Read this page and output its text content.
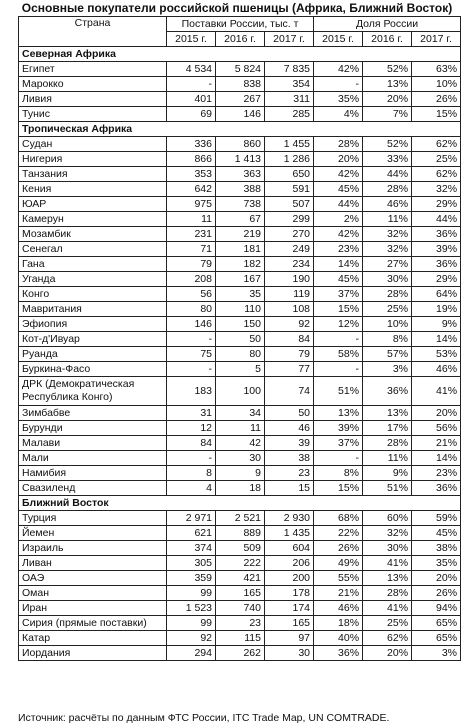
Основные покупатели российской пшеницы (Африка, Ближний Восток)
Страна	Поставки России, тыс. т			Доля России		
	2015 г.	2016 г.	2017 г.	2015 г.	2016 г.	2017 г.
Северная Африка						
Египет	4 534	5 824	7 835	42%	52%	63%
Марокко	-	838	354	-	13%	10%
Ливия	401	267	311	35%	20%	26%
Тунис	69	146	285	4%	7%	15%
Тропическая Африка						
Судан	336	860	1 455	28%	52%	62%
Нигерия	866	1 413	1 286	20%	33%	25%
Танзания	353	363	650	42%	44%	62%
Кения	642	388	591	45%	28%	32%
ЮАР	975	738	507	44%	46%	29%
Камерун	11	67	299	2%	11%	44%
Мозамбик	231	219	270	42%	32%	36%
Сенегал	71	181	249	23%	32%	39%
Гана	79	182	234	14%	27%	36%
Уганда	208	167	190	45%	30%	29%
Конго	56	35	119	37%	28%	64%
Мавритания	80	110	108	15%	25%	19%
Эфиопия	146	150	92	12%	10%	9%
Кот-д'Ивуар	-	50	84	-	8%	14%
Руанда	75	80	79	58%	57%	53%
Буркина-Фасо	-	5	77	-	3%	46%
ДРК (Демократическая Республика Конго)	183	100	74	51%	36%	41%
Зимбабве	31	34	50	13%	13%	20%
Бурунди	12	11	46	39%	17%	56%
Малави	84	42	39	37%	28%	21%
Мали	-	30	38	-	11%	14%
Намибия	8	9	23	8%	9%	23%
Свазиленд	4	18	15	15%	51%	36%
Ближний Восток						
Турция	2 971	2 521	2 930	68%	60%	59%
Йемен	621	889	1 435	22%	32%	45%
Израиль	374	509	604	26%	30%	38%
Ливан	305	222	206	49%	41%	35%
ОАЭ	359	421	200	55%	13%	20%
Оман	99	165	178	21%	28%	26%
Иран	1 523	740	174	46%	41%	94%
Сирия (прямые поставки)	99	23	165	18%	25%	65%
Катар	92	115	97	40%	62%	65%
Иордания	294	262	30	36%	20%	3%
Источник: расчёты по данным ФТС России, ITC Trade Map, UN COMTRADE.
